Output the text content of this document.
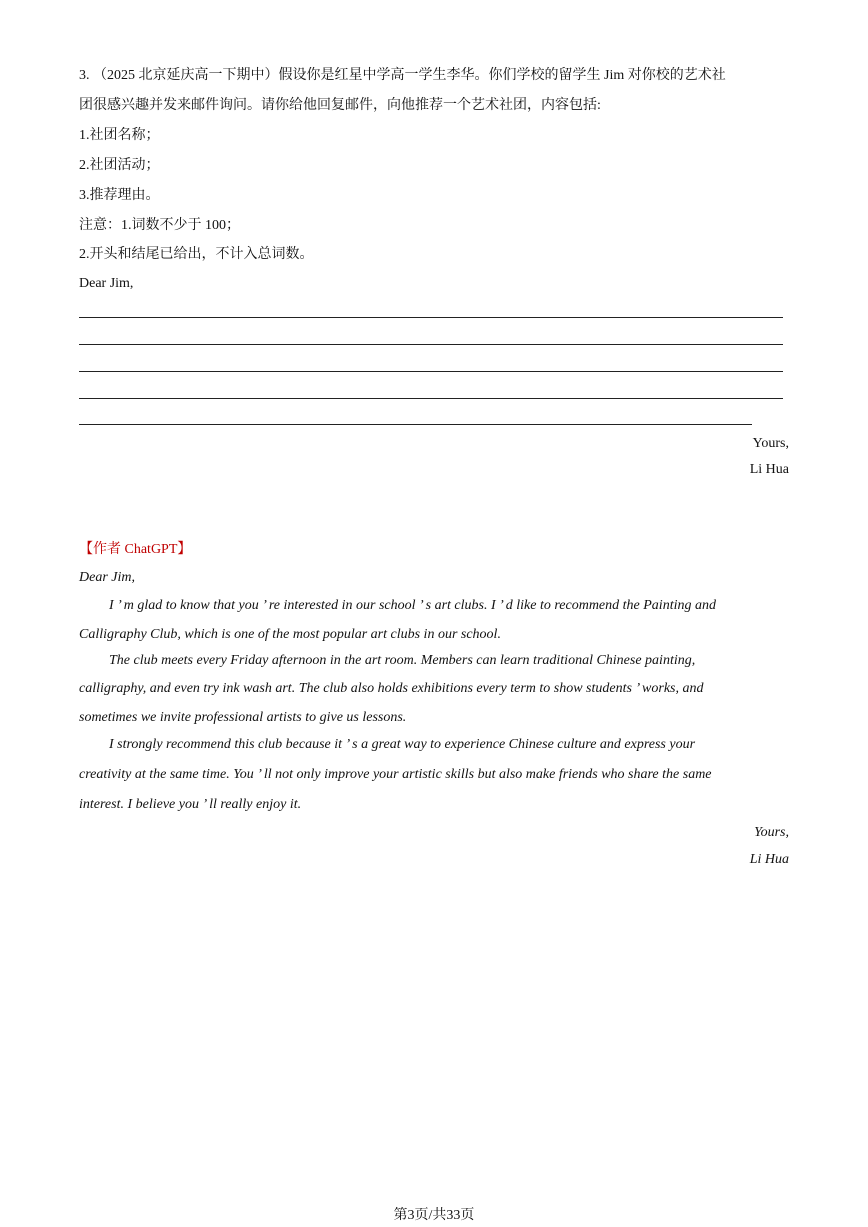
3. （2025 北京延庆高一下期中）假设你是红星中学高一学生李华。你们学校的留学生 Jim 对你校的艺术社
团很感兴趣并发来邮件询问。请你给他回复邮件，向他推荐一个艺术社团，内容包括:
1.社团名称；
2.社团活动；
3.推荐理由。
注意：1.词数不少于 100；
2.开头和结尾已给出，不计入总词数。
Dear Jim,
Yours,
Li Hua
【作者 ChatGPT】
Dear Jim,
I ’ m glad to know that you ’ re interested in our school ’ s art clubs. I ’ d like to recommend the Painting and
Calligraphy Club, which is one of the most popular art clubs in our school.
The club meets every Friday afternoon in the art room. Members can learn traditional Chinese painting,
calligraphy, and even try ink wash art. The club also holds exhibitions every term to show students ’ works, and
sometimes we invite professional artists to give us lessons.
I strongly recommend this club because it ’ s a great way to experience Chinese culture and express your
creativity at the same time. You ’ ll not only improve your artistic skills but also make friends who share the same
interest. I believe you ’ ll really enjoy it.
Yours,
Li Hua
第3页/共33页
